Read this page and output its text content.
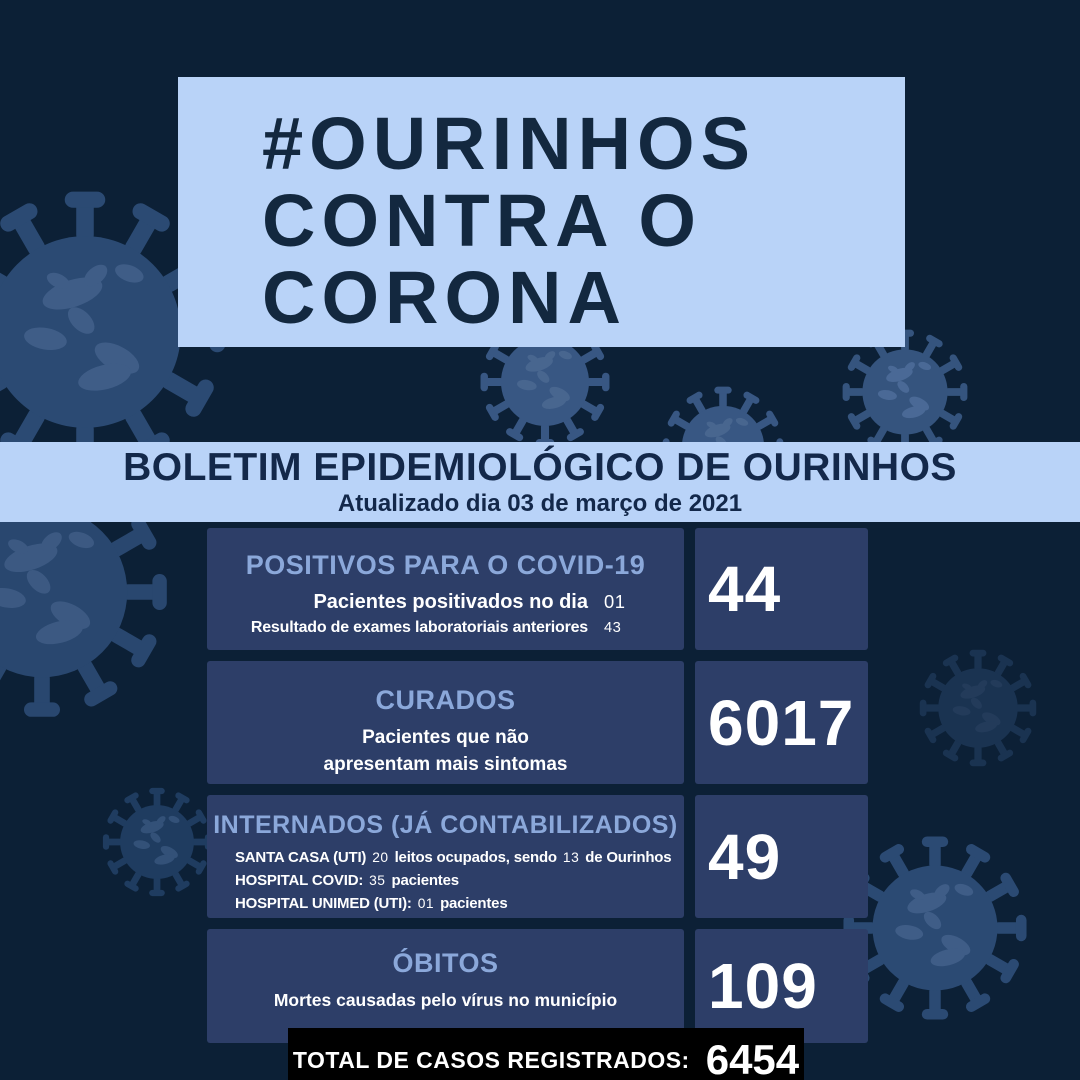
#OURINHOS
CONTRA O
CORONA
BOLETIM EPIDEMIOLÓGICO DE OURINHOS
Atualizado dia 03 de março de 2021
POSITIVOS PARA O COVID-19
Pacientes positivados no dia 01
Resultado de exames laboratoriais anteriores 43
44
CURADOS
Pacientes que não
apresentam mais sintomas
6017
INTERNADOS (JÁ CONTABILIZADOS)
SANTA CASA (UTI) 20 leitos ocupados, sendo 13 de Ourinhos
HOSPITAL COVID: 35 pacientes
HOSPITAL UNIMED (UTI): 01 pacientes
49
ÓBITOS
Mortes causadas pelo vírus no município 109
TOTAL DE CASOS REGISTRADOS: 6454
